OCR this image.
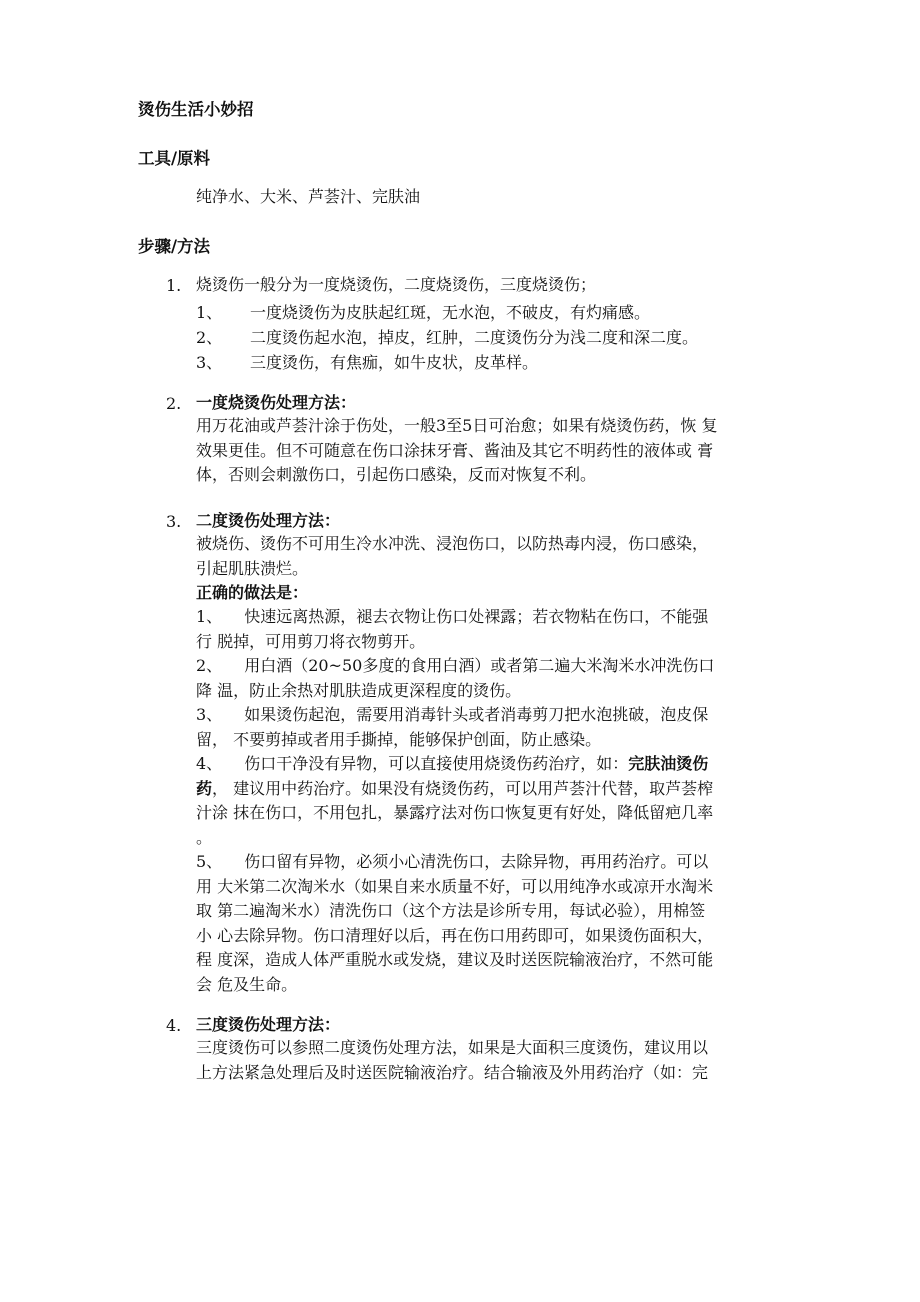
烫伤生活小妙招
工具/原料

纯净水、大米、芦荟汁、完肤油

步骤/方法
1. 烧烫伤一般分为一度烧烫伤，二度烧烫伤，三度烧烫伤；
1、 一度烧烫伤为皮肤起红斑，无水泡，不破皮，有灼痛感。
2、 二度烫伤起水泡，掉皮，红肿，二度烫伤分为浅二度和深二度。
3、 三度烫伤，有焦痂，如牛皮状，皮革样。
2. 一度烧烫伤处理方法：
用万花油或芦荟汁涂于伤处，一般3至5日可治愈；如果有烧烫伤药，恢 复
效果更佳。但不可随意在伤口涂抹牙膏、酱油及其它不明药性的液体或 膏
体，否则会刺激伤口，引起伤口感染，反而对恢复不利。
3. 二度烫伤处理方法：
被烧伤、烫伤不可用生冷水冲洗、浸泡伤口，以防热毒内浸，伤口感染，
引起肌肤溃烂。
正确的做法是：
1、 快速远离热源，褪去衣物让伤口处裸露；若衣物粘在伤口，不能强
行 脱掉，可用剪刀将衣物剪开。
2、 用白酒（20~50多度的食用白酒）或者第二遍大米淘米水冲洗伤口
降 温，防止余热对肌肤造成更深程度的烫伤。
3、 如果烫伤起泡，需要用消毒针头或者消毒剪刀把水泡挑破，泡皮保
留， 不要剪掉或者用手撕掉，能够保护创面，防止感染。
4、 伤口干净没有异物，可以直接使用烧烫伤药治疗，如：完肤油烫伤
药， 建议用中药治疗。如果没有烧烫伤药，可以用芦荟汁代替，取芦荟榨
汁涂 抹在伤口，不用包扎，暴露疗法对伤口恢复更有好处，降低留疤几率
。
5、 伤口留有异物，必须小心清洗伤口，去除异物，再用药治疗。可以
用 大米第二次淘米水（如果自来水质量不好，可以用纯净水或凉开水淘米
取 第二遍淘米水）清洗伤口（这个方法是诊所专用，每试必验），用棉签
小 心去除异物。伤口清理好以后，再在伤口用药即可，如果烫伤面积大，
程 度深，造成人体严重脱水或发烧，建议及时送医院输液治疗，不然可能
会 危及生命。
4. 三度烫伤处理方法：
三度烫伤可以参照二度烫伤处理方法，如果是大面积三度烫伤，建议用以
上方法紧急处理后及时送医院输液治疗。结合输液及外用药治疗（如：完
